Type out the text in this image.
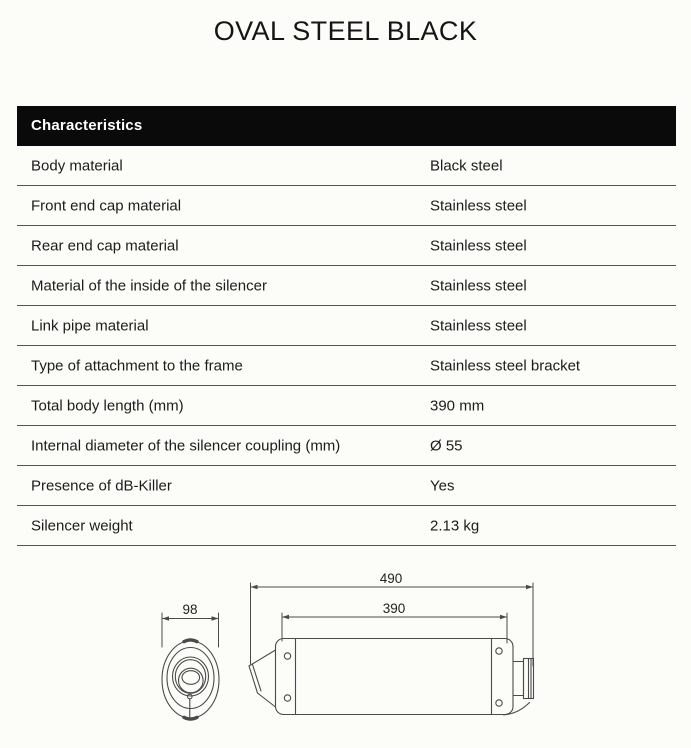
OVAL STEEL BLACK
Characteristics
Body material	Black steel
Front end cap material	Stainless steel
Rear end cap material	Stainless steel
Material of the inside of the silencer	Stainless steel
Link pipe material	Stainless steel
Type of attachment to the frame	Stainless steel bracket
Total body length (mm)	390 mm
Internal diameter of the silencer coupling (mm)	Ø 55
Presence of dB-Killer	Yes
Silencer weight	2.13 kg
490
390
98
